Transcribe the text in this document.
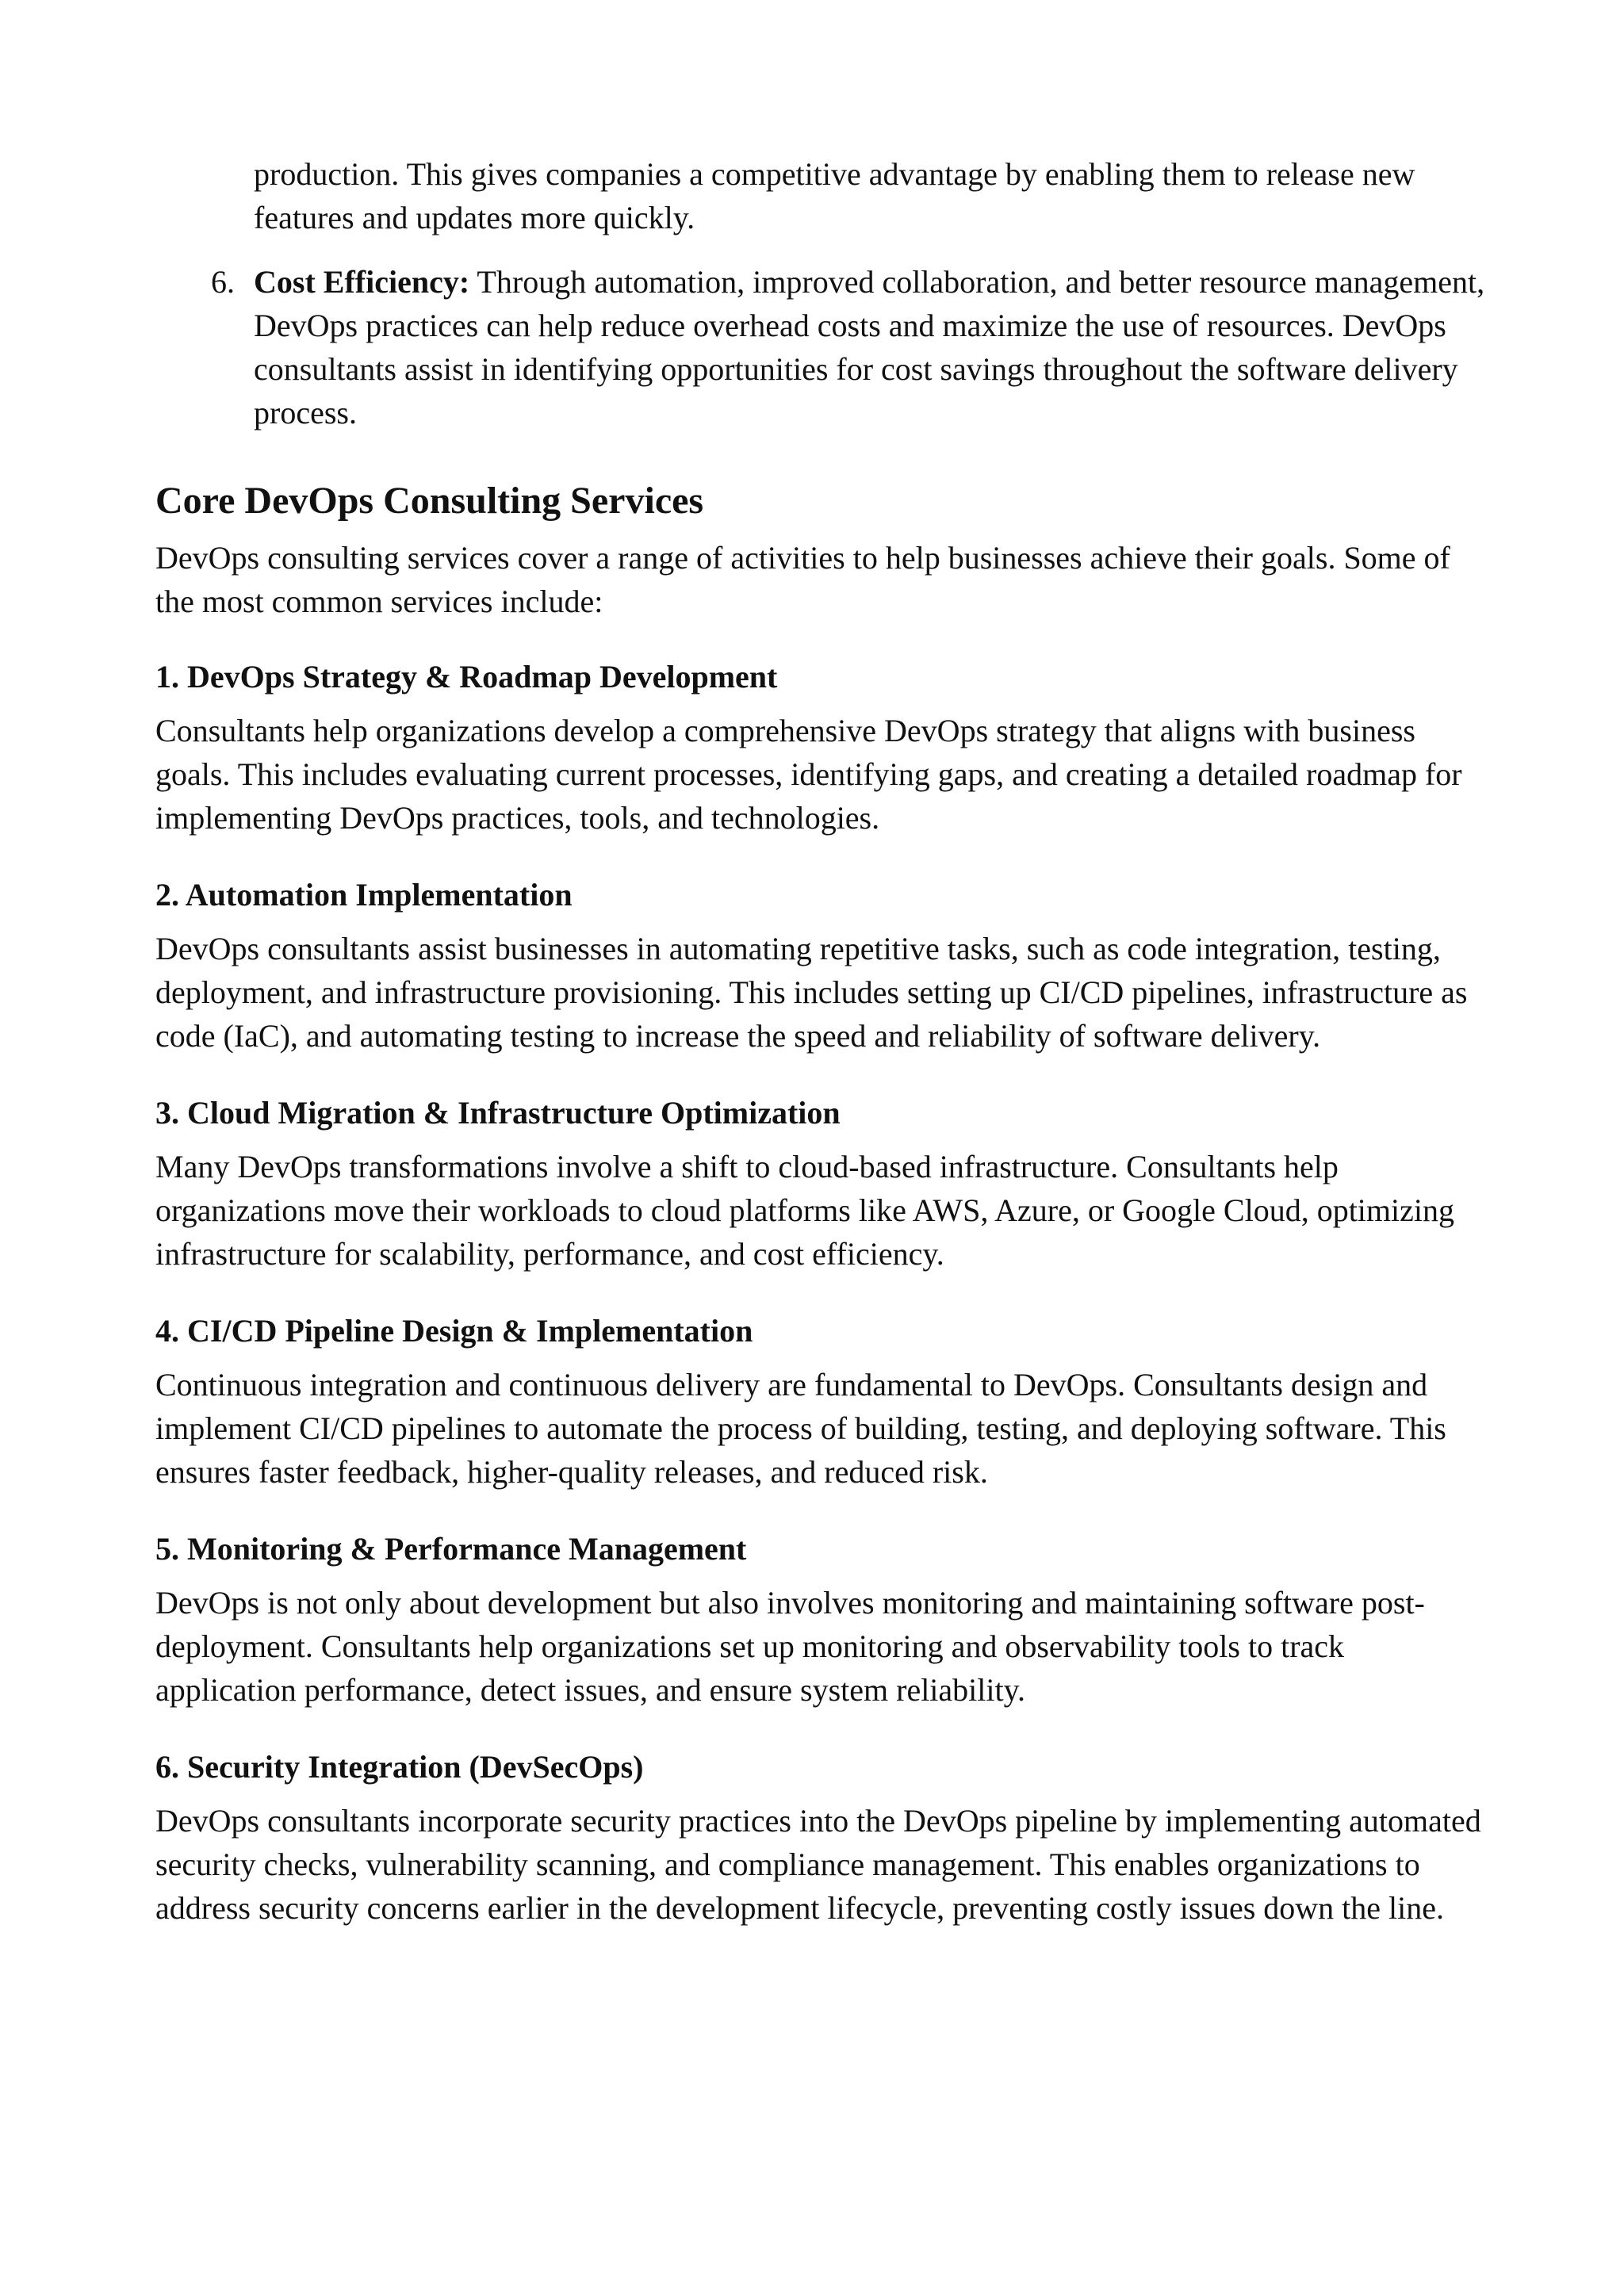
production. This gives companies a competitive advantage by enabling them to release new features and updates more quickly.

6. Cost Efficiency: Through automation, improved collaboration, and better resource management, DevOps practices can help reduce overhead costs and maximize the use of resources. DevOps consultants assist in identifying opportunities for cost savings throughout the software delivery process.
Core DevOps Consulting Services

DevOps consulting services cover a range of activities to help businesses achieve their goals. Some of the most common services include:

1. DevOps Strategy & Roadmap Development

Consultants help organizations develop a comprehensive DevOps strategy that aligns with business goals. This includes evaluating current processes, identifying gaps, and creating a detailed roadmap for implementing DevOps practices, tools, and technologies.

2. Automation Implementation

DevOps consultants assist businesses in automating repetitive tasks, such as code integration, testing, deployment, and infrastructure provisioning. This includes setting up CI/CD pipelines, infrastructure as code (IaC), and automating testing to increase the speed and reliability of software delivery.

3. Cloud Migration & Infrastructure Optimization

Many DevOps transformations involve a shift to cloud-based infrastructure. Consultants help organizations move their workloads to cloud platforms like AWS, Azure, or Google Cloud, optimizing infrastructure for scalability, performance, and cost efficiency.

4. CI/CD Pipeline Design & Implementation

Continuous integration and continuous delivery are fundamental to DevOps. Consultants design and implement CI/CD pipelines to automate the process of building, testing, and deploying software. This ensures faster feedback, higher-quality releases, and reduced risk.

5. Monitoring & Performance Management

DevOps is not only about development but also involves monitoring and maintaining software post-deployment. Consultants help organizations set up monitoring and observability tools to track application performance, detect issues, and ensure system reliability.

6. Security Integration (DevSecOps)

DevOps consultants incorporate security practices into the DevOps pipeline by implementing automated security checks, vulnerability scanning, and compliance management. This enables organizations to address security concerns earlier in the development lifecycle, preventing costly issues down the line.
